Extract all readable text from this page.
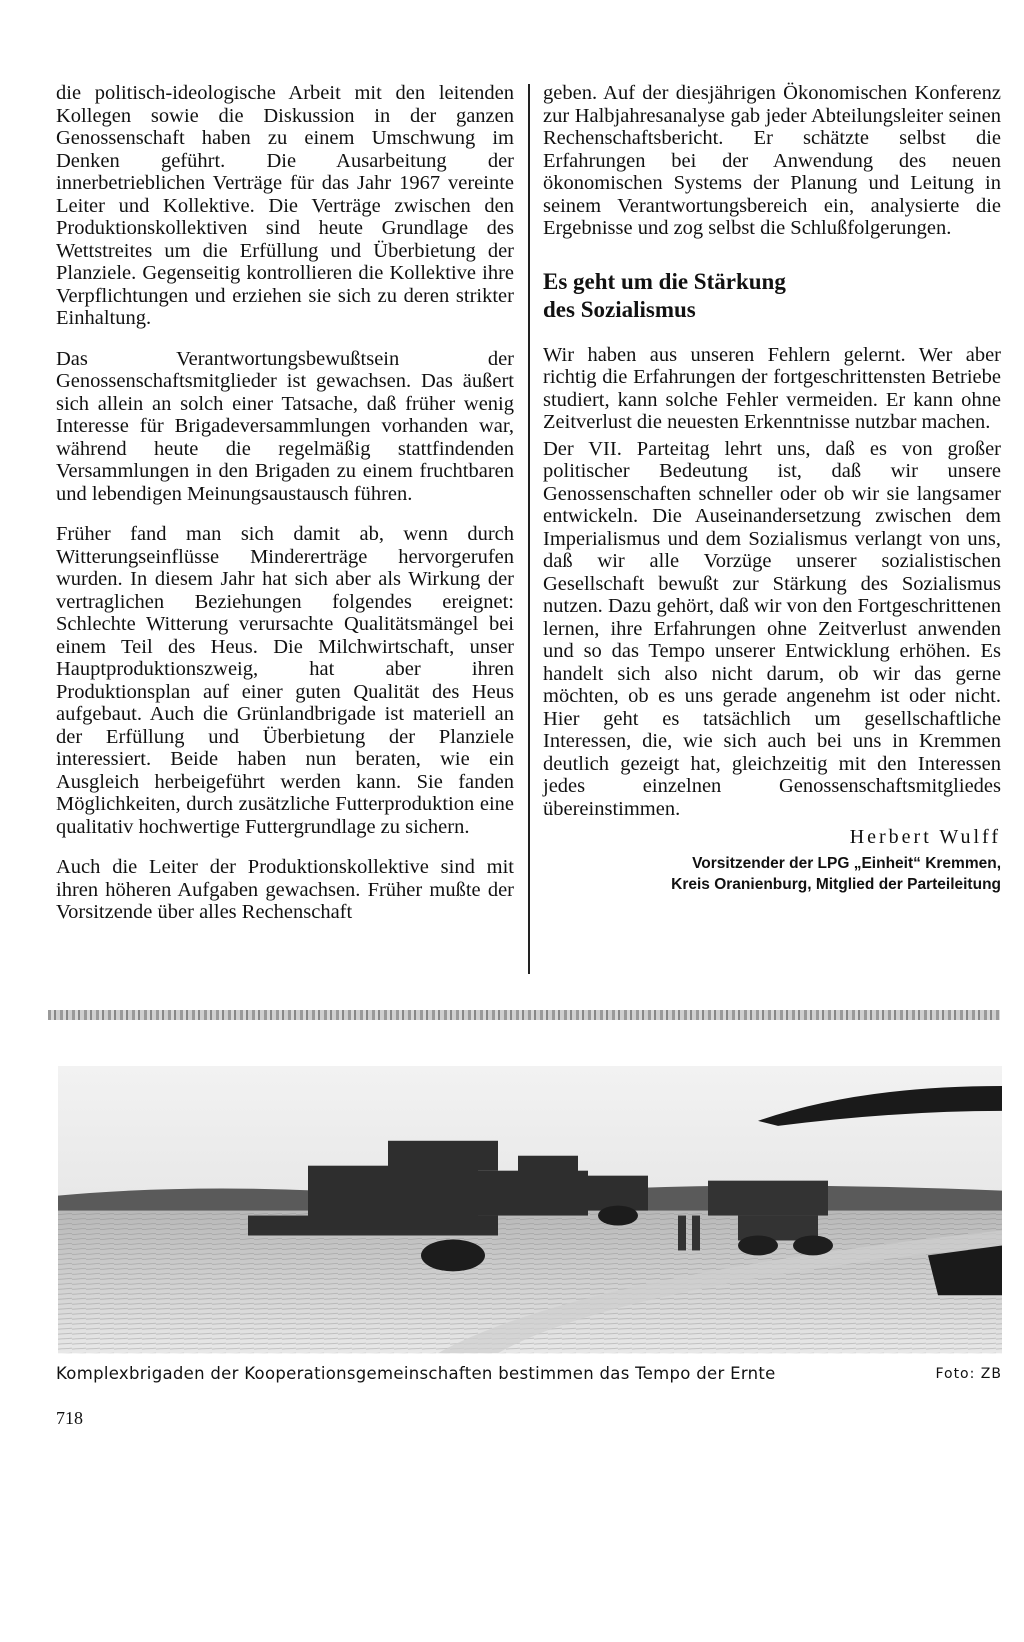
die politisch-ideologische Arbeit mit den leitenden Kollegen sowie die Diskussion in der ganzen Genossenschaft haben zu einem Umschwung im Denken geführt. Die Ausarbeitung der innerbetrieblichen Verträge für das Jahr 1967 vereinte Leiter und Kollektive. Die Verträge zwischen den Produktionskollektiven sind heute Grundlage des Wettstreites um die Erfüllung und Überbietung der Planziele. Gegenseitig kontrollieren die Kollektive ihre Verpflichtungen und erziehen sie sich zu deren strikter Einhaltung.

Das Verantwortungsbewußtsein der Genossenschaftsmitglieder ist gewachsen. Das äußert sich allein an solch einer Tatsache, daß früher wenig Interesse für Brigadeversammlungen vorhanden war, während heute die regelmäßig stattfindenden Versammlungen in den Brigaden zu einem fruchtbaren und lebendigen Meinungsaustausch führen.

Früher fand man sich damit ab, wenn durch Witterungseinflüsse Mindererträge hervorgerufen wurden. In diesem Jahr hat sich aber als Wirkung der vertraglichen Beziehungen folgendes ereignet: Schlechte Witterung verursachte Qualitätsmängel bei einem Teil des Heus. Die Milchwirtschaft, unser Hauptproduktionszweig, hat aber ihren Produktionsplan auf einer guten Qualität des Heus aufgebaut. Auch die Grünlandbrigade ist materiell an der Erfüllung und Überbietung der Planziele interessiert. Beide haben nun beraten, wie ein Ausgleich herbeigeführt werden kann. Sie fanden Möglichkeiten, durch zusätzliche Futterproduktion eine qualitativ hochwertige Futtergrundlage zu sichern.

Auch die Leiter der Produktionskollektive sind mit ihren höheren Aufgaben gewachsen. Früher mußte der Vorsitzende über alles Rechenschaft

geben. Auf der diesjährigen Ökonomischen Konferenz zur Halbjahresanalyse gab jeder Abteilungsleiter seinen Rechenschaftsbericht. Er schätzte selbst die Erfahrungen bei der Anwendung des neuen ökonomischen Systems der Planung und Leitung in seinem Verantwortungsbereich ein, analysierte die Ergebnisse und zog selbst die Schlußfolgerungen.

Es geht um die Stärkung
des Sozialismus

Wir haben aus unseren Fehlern gelernt. Wer aber richtig die Erfahrungen der fortgeschrittensten Betriebe studiert, kann solche Fehler vermeiden. Er kann ohne Zeitverlust die neuesten Erkenntnisse nutzbar machen.

Der VII. Parteitag lehrt uns, daß es von großer politischer Bedeutung ist, daß wir unsere Genossenschaften schneller oder ob wir sie langsamer entwickeln. Die Auseinandersetzung zwischen dem Imperialismus und dem Sozialismus verlangt von uns, daß wir alle Vorzüge unserer sozialistischen Gesellschaft bewußt zur Stärkung des Sozialismus nutzen. Dazu gehört, daß wir von den Fortgeschrittenen lernen, ihre Erfahrungen ohne Zeitverlust anwenden und so das Tempo unserer Entwicklung erhöhen. Es handelt sich also nicht darum, ob wir das gerne möchten, ob es uns gerade angenehm ist oder nicht. Hier geht es tatsächlich um gesellschaftliche Interessen, die, wie sich auch bei uns in Kremmen deutlich gezeigt hat, gleichzeitig mit den Interessen jedes einzelnen Genossenschaftsmitgliedes übereinstimmen.

Herbert Wulff
Vorsitzender der LPG „Einheit“ Kremmen,
Kreis Oranienburg, Mitglied der Parteileitung
Komplexbrigaden der Kooperationsgemeinschaften bestimmen das Tempo der Ernte	Foto: ZB
718
